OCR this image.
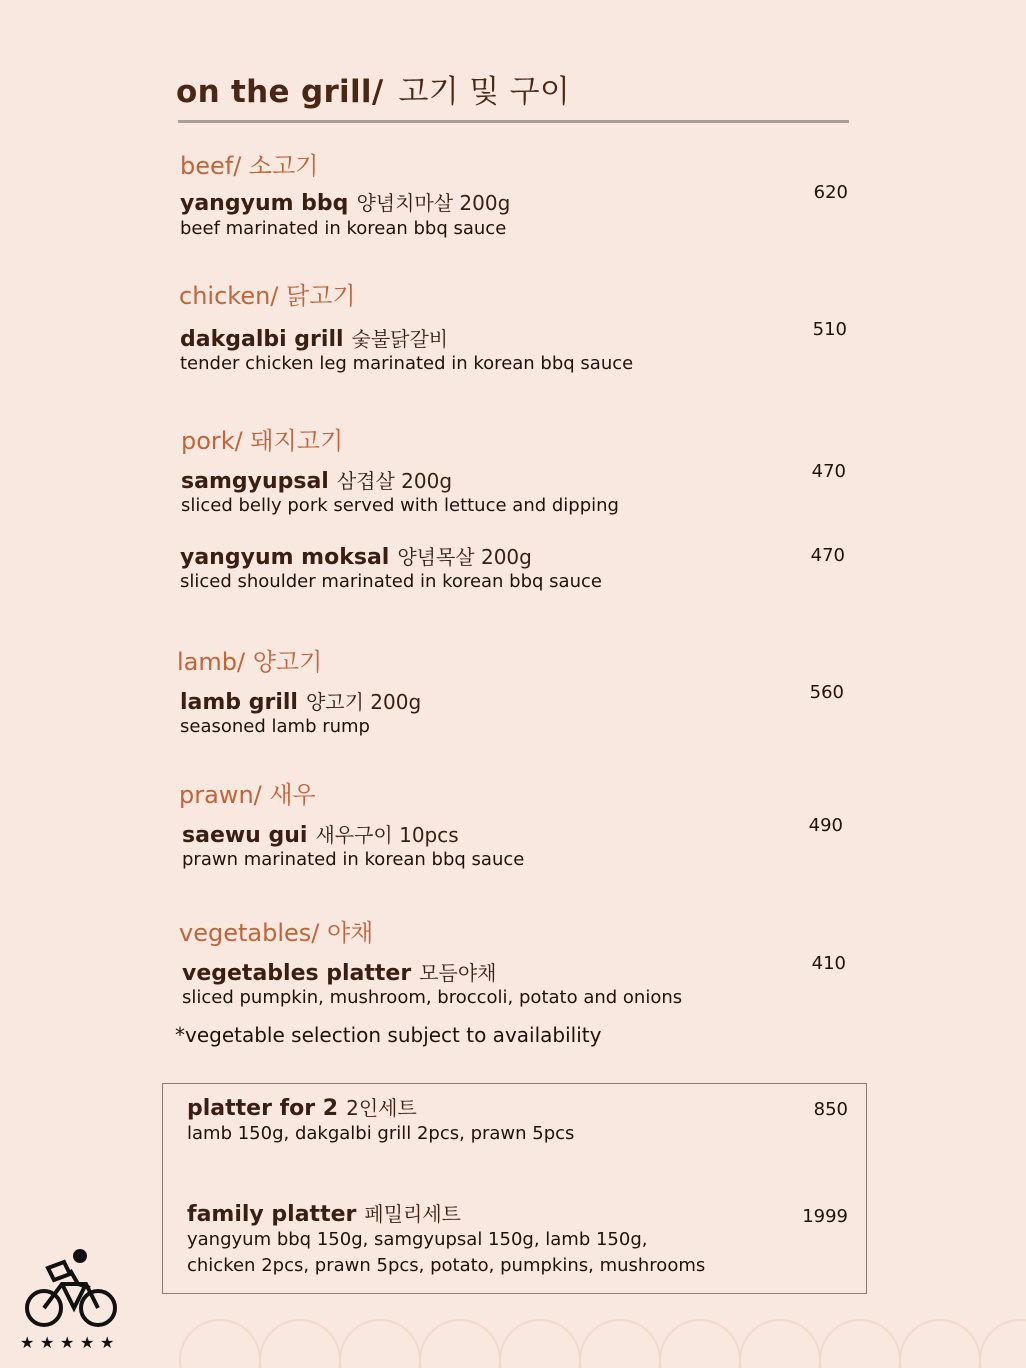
on the grill/ 고기 및 구이
beef/ 소고기
yangyum bbq 양념치마살 200g
beef marinated in korean bbq sauce
620
chicken/ 닭고기
dakgalbi grill 숯불닭갈비
tender chicken leg marinated in korean bbq sauce
510
pork/ 돼지고기
samgyupsal 삼겹살 200g
sliced belly pork served with lettuce and dipping
470
yangyum moksal 양념목살 200g
sliced shoulder marinated in korean bbq sauce
470
lamb/ 양고기
lamb grill 양고기 200g
seasoned lamb rump
560
prawn/ 새우
saewu gui 새우구이 10pcs
prawn marinated in korean bbq sauce
490
vegetables/ 야채
vegetables platter 모듬야채
sliced pumpkin, mushroom, broccoli, potato and onions
410
*vegetable selection subject to availability
platter for 2 2인세트
lamb 150g, dakgalbi grill 2pcs, prawn 5pcs
850
family platter 페밀리세트
yangyum bbq 150g, samgyupsal 150g, lamb 150g,
chicken 2pcs, prawn 5pcs, potato, pumpkins, mushrooms
1999
★ ★ ★ ★ ★
